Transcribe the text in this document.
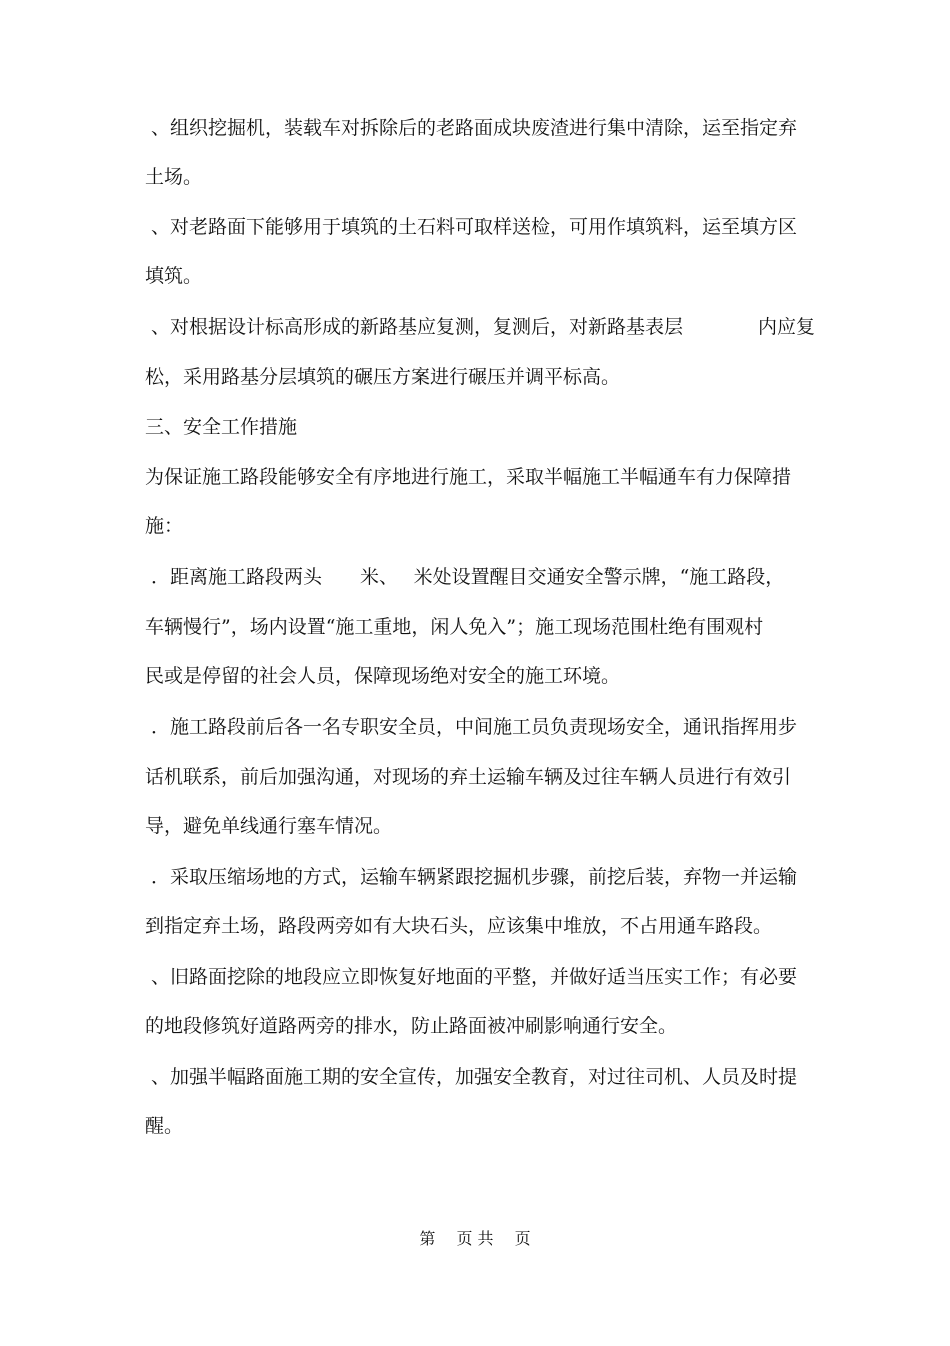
、组织挖掘机，装载车对拆除后的老路面成块废渣进行集中清除，运至指定弃
土场。
、对老路面下能够用于填筑的土石料可取样送检，可用作填筑料，运至填方区
填筑。
、对根据设计标高形成的新路基应复测，复测后，对新路基表层	内应复
松，采用路基分层填筑的碾压方案进行碾压并调平标高。
三、安全工作措施
为保证施工路段能够安全有序地进行施工，采取半幅施工半幅通车有力保障措
施：
．距离施工路段两头　　米、　 米处设置醒目交通安全警示牌，“施工路段，
车辆慢行”，场内设置“施工重地，闲人免入”；施工现场范围杜绝有围观村
民或是停留的社会人员，保障现场绝对安全的施工环境。
．施工路段前后各一名专职安全员，中间施工员负责现场安全，通讯指挥用步
话机联系，前后加强沟通，对现场的弃土运输车辆及过往车辆人员进行有效引
导，避免单线通行塞车情况。
．采取压缩场地的方式，运输车辆紧跟挖掘机步骤，前挖后装，弃物一并运输
到指定弃土场，路段两旁如有大块石头，应该集中堆放，不占用通车路段。
、旧路面挖除的地段应立即恢复好地面的平整，并做好适当压实工作；有必要
的地段修筑好道路两旁的排水，防止路面被冲刷影响通行安全。
、加强半幅路面施工期的安全宣传，加强安全教育，对过往司机、人员及时提
醒。
第　 页 共　 页
